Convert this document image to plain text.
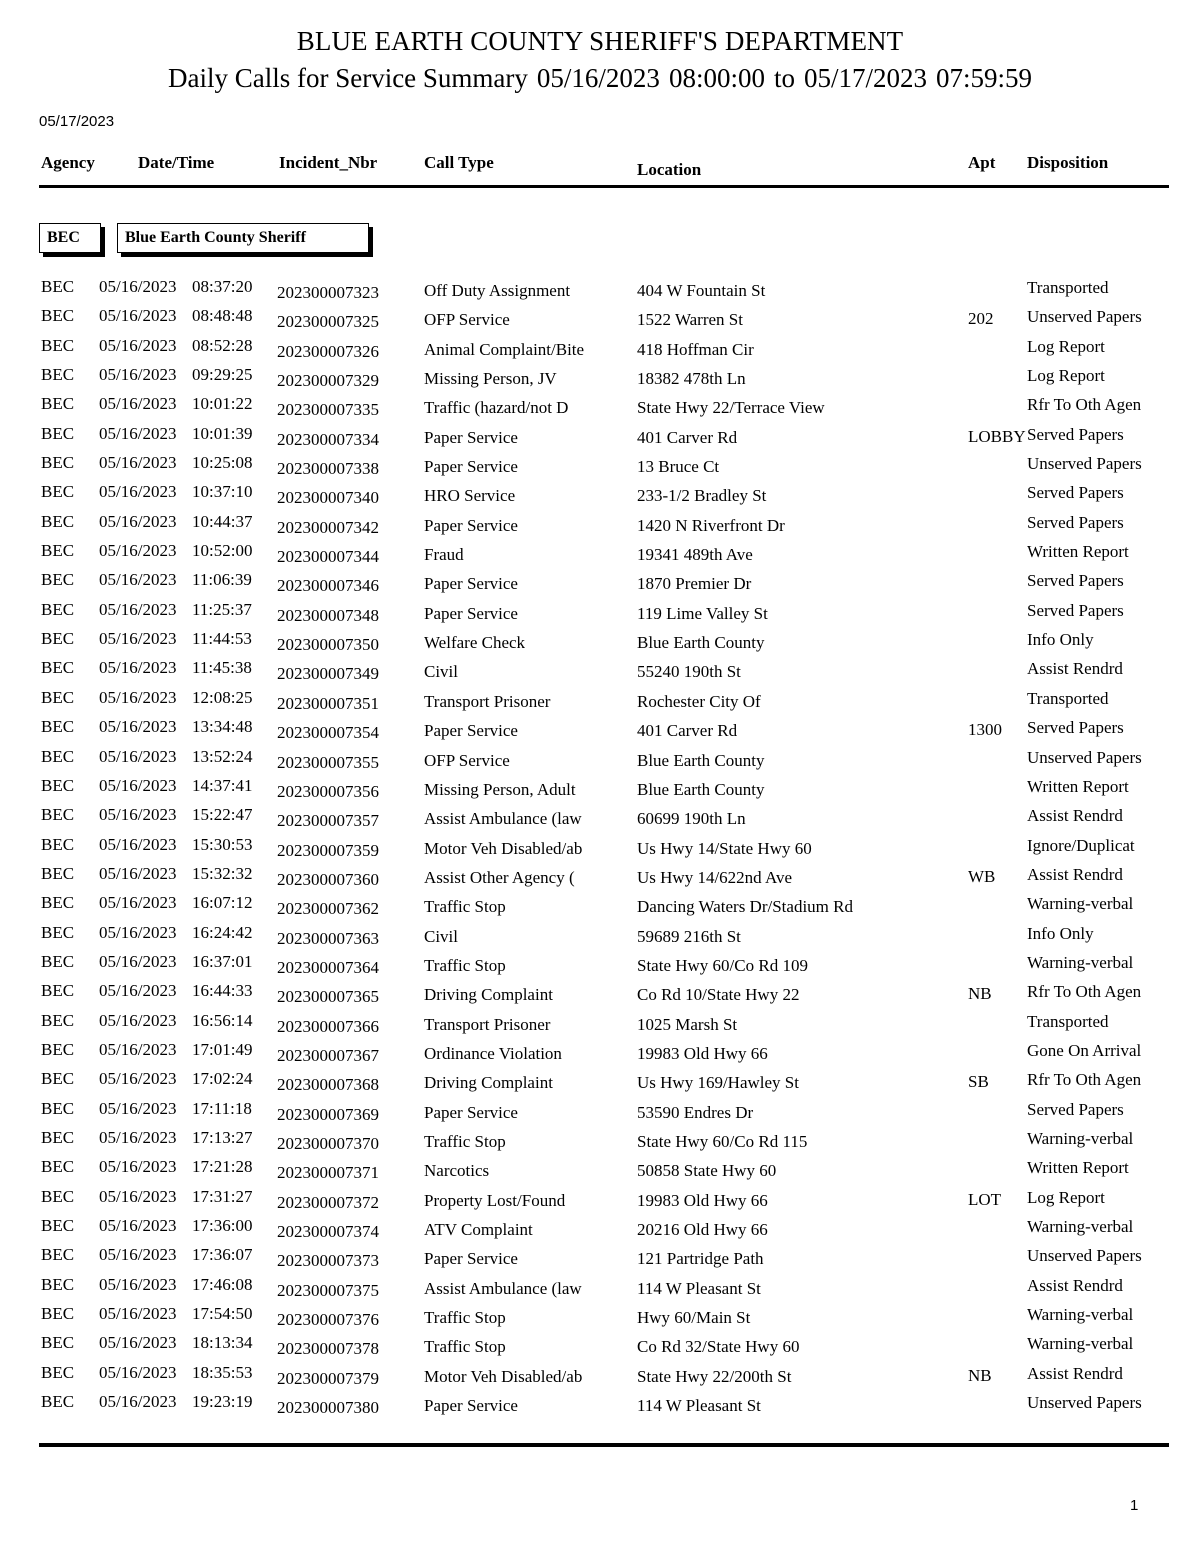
BLUE EARTH COUNTY SHERIFF'S DEPARTMENT
Daily Calls for Service Summary 05/16/2023 08:00:00 to 05/17/2023 07:59:59
05/17/2023
Agency	Date/Time	Incident_Nbr	Call Type	Location	Apt Disposition
BEC	Blue Earth County Sheriff
BEC 05/16/2023 08:37:20 202300007323	Off Duty Assignment	404 W Fountain St	Transported
BEC 05/16/2023 08:48:48 202300007325	OFP Service	1522 Warren St	202 Unserved Papers
BEC 05/16/2023 08:52:28 202300007326	Animal Complaint/Bite	418 Hoffman Cir	Log Report
BEC 05/16/2023 09:29:25 202300007329	Missing Person, JV	18382 478th Ln	Log Report
BEC 05/16/2023 10:01:22 202300007335	Traffic (hazard/not D	State Hwy 22/Terrace View	Rfr To Oth Agen
BEC 05/16/2023 10:01:39 202300007334	Paper Service	401 Carver Rd	LOBBY Served Papers
BEC 05/16/2023 10:25:08 202300007338	Paper Service	13 Bruce Ct	Unserved Papers
BEC 05/16/2023 10:37:10 202300007340	HRO Service	233-1/2 Bradley St	Served Papers
BEC 05/16/2023 10:44:37 202300007342	Paper Service	1420 N Riverfront Dr	Served Papers
BEC 05/16/2023 10:52:00 202300007344	Fraud	19341 489th Ave	Written Report
BEC 05/16/2023 11:06:39 202300007346	Paper Service	1870 Premier Dr	Served Papers
BEC 05/16/2023 11:25:37 202300007348	Paper Service	119 Lime Valley St	Served Papers
BEC 05/16/2023 11:44:53 202300007350	Welfare Check	Blue Earth County	Info Only
BEC 05/16/2023 11:45:38 202300007349	Civil	55240 190th St	Assist Rendrd
BEC 05/16/2023 12:08:25 202300007351	Transport Prisoner	Rochester City Of	Transported
BEC 05/16/2023 13:34:48 202300007354	Paper Service	401 Carver Rd	1300 Served Papers
BEC 05/16/2023 13:52:24 202300007355	OFP Service	Blue Earth County	Unserved Papers
BEC 05/16/2023 14:37:41 202300007356	Missing Person, Adult	Blue Earth County	Written Report
BEC 05/16/2023 15:22:47 202300007357	Assist Ambulance (law	60699 190th Ln	Assist Rendrd
BEC 05/16/2023 15:30:53 202300007359	Motor Veh Disabled/ab	Us Hwy 14/State Hwy 60	Ignore/Duplicat
BEC 05/16/2023 15:32:32 202300007360	Assist Other Agency (	Us Hwy 14/622nd Ave	WB Assist Rendrd
BEC 05/16/2023 16:07:12 202300007362	Traffic Stop	Dancing Waters Dr/Stadium Rd	Warning-verbal
BEC 05/16/2023 16:24:42 202300007363	Civil	59689 216th St	Info Only
BEC 05/16/2023 16:37:01 202300007364	Traffic Stop	State Hwy 60/Co Rd 109	Warning-verbal
BEC 05/16/2023 16:44:33 202300007365	Driving Complaint	Co Rd 10/State Hwy 22	NB Rfr To Oth Agen
BEC 05/16/2023 16:56:14 202300007366	Transport Prisoner	1025 Marsh St	Transported
BEC 05/16/2023 17:01:49 202300007367	Ordinance Violation	19983 Old Hwy 66	Gone On Arrival
BEC 05/16/2023 17:02:24 202300007368	Driving Complaint	Us Hwy 169/Hawley St	SB Rfr To Oth Agen
BEC 05/16/2023 17:11:18 202300007369	Paper Service	53590 Endres Dr	Served Papers
BEC 05/16/2023 17:13:27 202300007370	Traffic Stop	State Hwy 60/Co Rd 115	Warning-verbal
BEC 05/16/2023 17:21:28 202300007371	Narcotics	50858 State Hwy 60	Written Report
BEC 05/16/2023 17:31:27 202300007372	Property Lost/Found	19983 Old Hwy 66	LOT Log Report
BEC 05/16/2023 17:36:00 202300007374	ATV Complaint	20216 Old Hwy 66	Warning-verbal
BEC 05/16/2023 17:36:07 202300007373	Paper Service	121 Partridge Path	Unserved Papers
BEC 05/16/2023 17:46:08 202300007375	Assist Ambulance (law	114 W Pleasant St	Assist Rendrd
BEC 05/16/2023 17:54:50 202300007376	Traffic Stop	Hwy 60/Main St	Warning-verbal
BEC 05/16/2023 18:13:34 202300007378	Traffic Stop	Co Rd 32/State Hwy 60	Warning-verbal
BEC 05/16/2023 18:35:53 202300007379	Motor Veh Disabled/ab	State Hwy 22/200th St	NB Assist Rendrd
BEC 05/16/2023 19:23:19 202300007380	Paper Service	114 W Pleasant St	Unserved Papers
1
